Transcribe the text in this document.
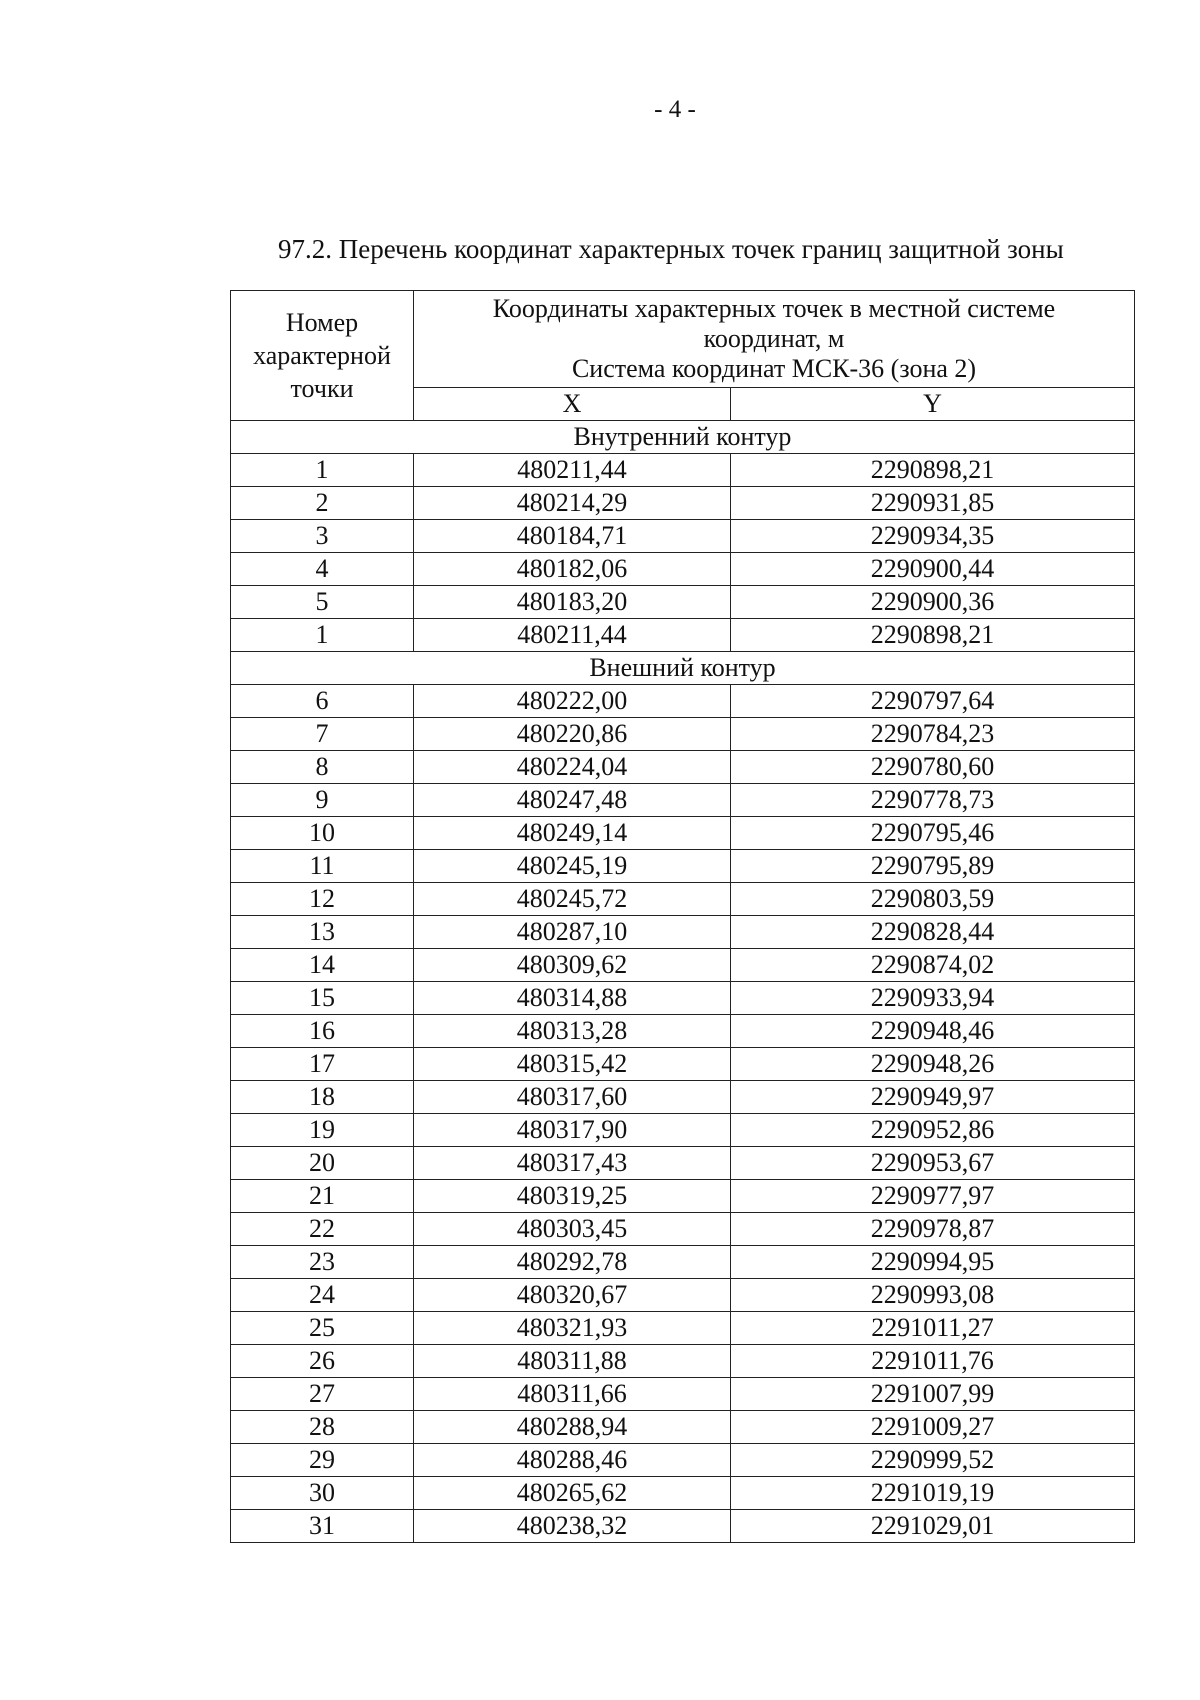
- 4 -
97.2. Перечень координат характерных точек границ защитной зоны
Номер
характерной
точки	Координаты характерных точек в местной системе
координат, м
Система координат МСК-36 (зона 2)	

	X	Y
Внутренний контур		
1	480211,44	2290898,21
2	480214,29	2290931,85
3	480184,71	2290934,35
4	480182,06	2290900,44
5	480183,20	2290900,36
1	480211,44	2290898,21
Внешний контур		
6	480222,00	2290797,64
7	480220,86	2290784,23
8	480224,04	2290780,60
9	480247,48	2290778,73
10	480249,14	2290795,46
11	480245,19	2290795,89
12	480245,72	2290803,59
13	480287,10	2290828,44
14	480309,62	2290874,02
15	480314,88	2290933,94
16	480313,28	2290948,46
17	480315,42	2290948,26
18	480317,60	2290949,97
19	480317,90	2290952,86
20	480317,43	2290953,67
21	480319,25	2290977,97
22	480303,45	2290978,87
23	480292,78	2290994,95
24	480320,67	2290993,08
25	480321,93	2291011,27
26	480311,88	2291011,76
27	480311,66	2291007,99
28	480288,94	2291009,27
29	480288,46	2290999,52
30	480265,62	2291019,19
31	480238,32	2291029,01
